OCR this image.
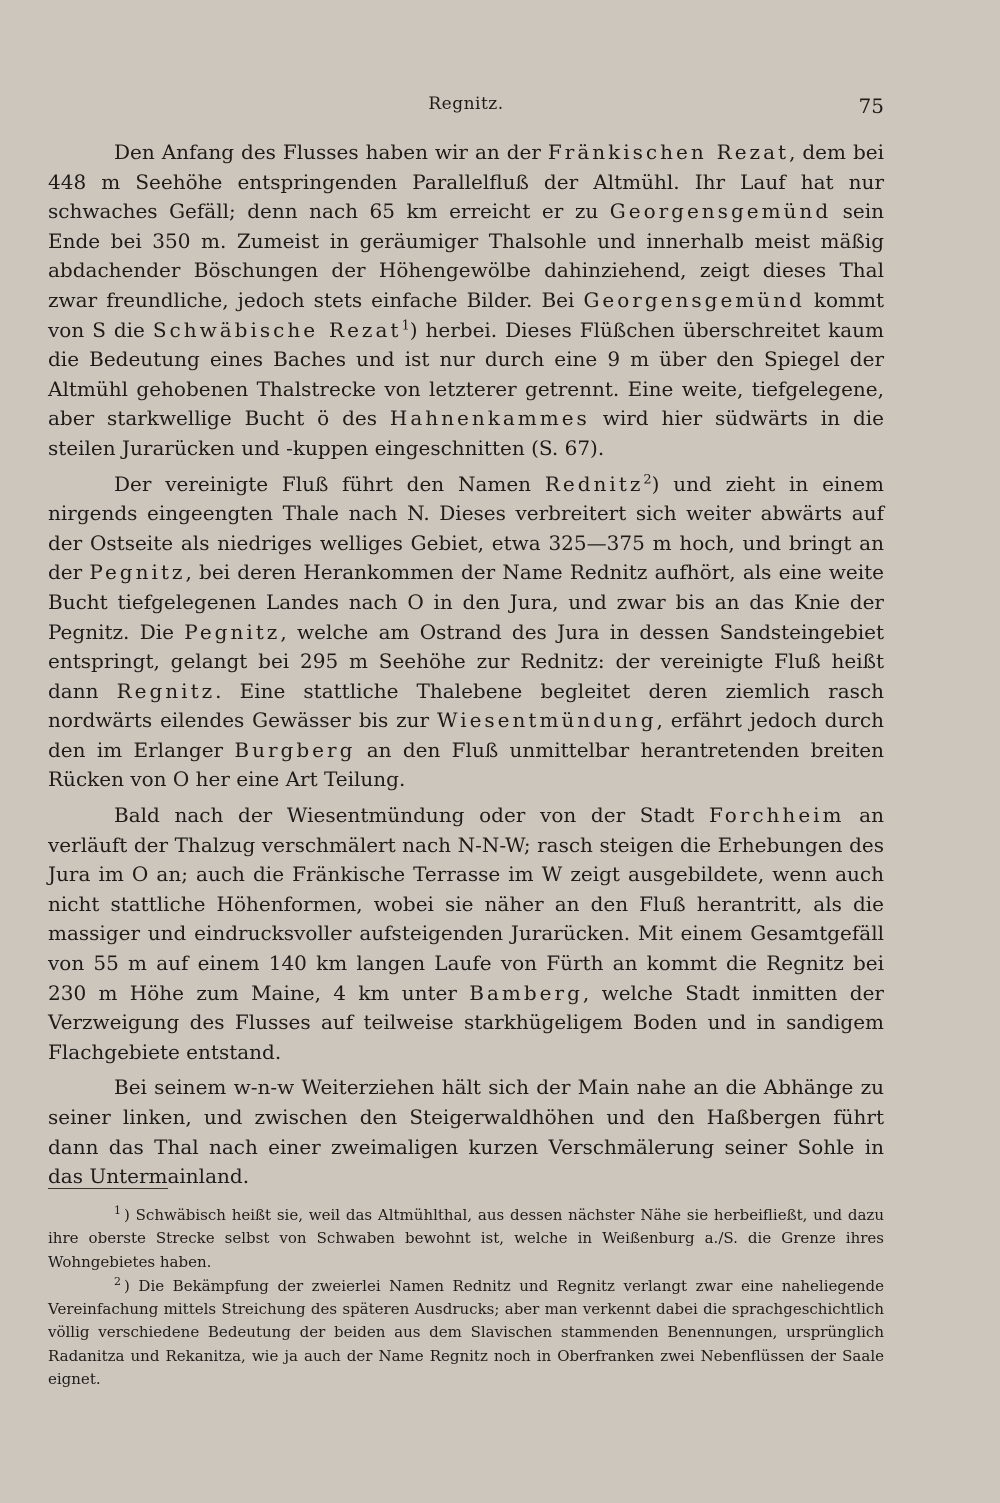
Regnitz.	75

Den Anfang des Flusses haben wir an der Fränkischen Rezat, dem bei 448 m Seehöhe entspringenden Parallelfluß der Altmühl. Ihr Lauf hat nur schwaches Gefäll; denn nach 65 km erreicht er zu Georgensgemünd sein Ende bei 350 m. Zumeist in geräumiger Thalsohle und innerhalb meist mäßig abdachender Böschungen der Höhengewölbe dahinziehend, zeigt dieses Thal zwar freundliche, jedoch stets einfache Bilder. Bei Georgensgemünd kommt von S die Schwäbische Rezat$^1$) herbei. Dieses Flüßchen überschreitet kaum die Bedeutung eines Baches und ist nur durch eine 9 m über den Spiegel der Altmühl gehobenen Thalstrecke von letzterer getrennt. Eine weite, tiefgelegene, aber starkwellige Bucht ö des Hahnenkammes wird hier südwärts in die steilen Jurarücken und -kuppen eingeschnitten (S. 67).

Der vereinigte Fluß führt den Namen Rednitz$^2$) und zieht in einem nirgends eingeengten Thale nach N. Dieses verbreitert sich weiter abwärts auf der Ostseite als niedriges welliges Gebiet, etwa 325—375 m hoch, und bringt an der Pegnitz, bei deren Herankommen der Name Rednitz aufhört, als eine weite Bucht tiefgelegenen Landes nach O in den Jura, und zwar bis an das Knie der Pegnitz. Die Pegnitz, welche am Ostrand des Jura in dessen Sandsteingebiet entspringt, gelangt bei 295 m Seehöhe zur Rednitz: der vereinigte Fluß heißt dann Regnitz. Eine stattliche Thalebene begleitet deren ziemlich rasch nordwärts eilendes Gewässer bis zur Wiesentmündung, erfährt jedoch durch den im Erlanger Burgberg an den Fluß unmittelbar herantretenden breiten Rücken von O her eine Art Teilung.

Bald nach der Wiesentmündung oder von der Stadt Forchheim an verläuft der Thalzug verschmälert nach N-N-W; rasch steigen die Erhebungen des Jura im O an; auch die Fränkische Terrasse im W zeigt ausgebildete, wenn auch nicht stattliche Höhenformen, wobei sie näher an den Fluß herantritt, als die massiger und eindrucksvoller aufsteigenden Jurarücken. Mit einem Gesamtgefäll von 55 m auf einem 140 km langen Laufe von Fürth an kommt die Regnitz bei 230 m Höhe zum Maine, 4 km unter Bamberg, welche Stadt inmitten der Verzweigung des Flusses auf teilweise starkhügeligem Boden und in sandigem Flachgebiete entstand.

Bei seinem w-n-w Weiterziehen hält sich der Main nahe an die Abhänge zu seiner linken, und zwischen den Steigerwaldhöhen und den Haßbergen führt dann das Thal nach einer zweimaligen kurzen Verschmälerung seiner Sohle in das Untermainland.

$^1$ ) Schwäbisch heißt sie, weil das Altmühlthal, aus dessen nächster Nähe sie herbeifließt, und dazu ihre oberste Strecke selbst von Schwaben bewohnt ist, welche in Weißenburg a./S. die Grenze ihres Wohngebietes haben.

$^2$ ) Die Bekämpfung der zweierlei Namen Rednitz und Regnitz verlangt zwar eine naheliegende Vereinfachung mittels Streichung des späteren Ausdrucks; aber man verkennt dabei die sprachgeschichtlich völlig verschiedene Bedeutung der beiden aus dem Slavischen stammenden Benennungen, ursprünglich Radanitza und Rekanitza, wie ja auch der Name Regnitz noch in Oberfranken zwei Nebenflüssen der Saale eignet.
